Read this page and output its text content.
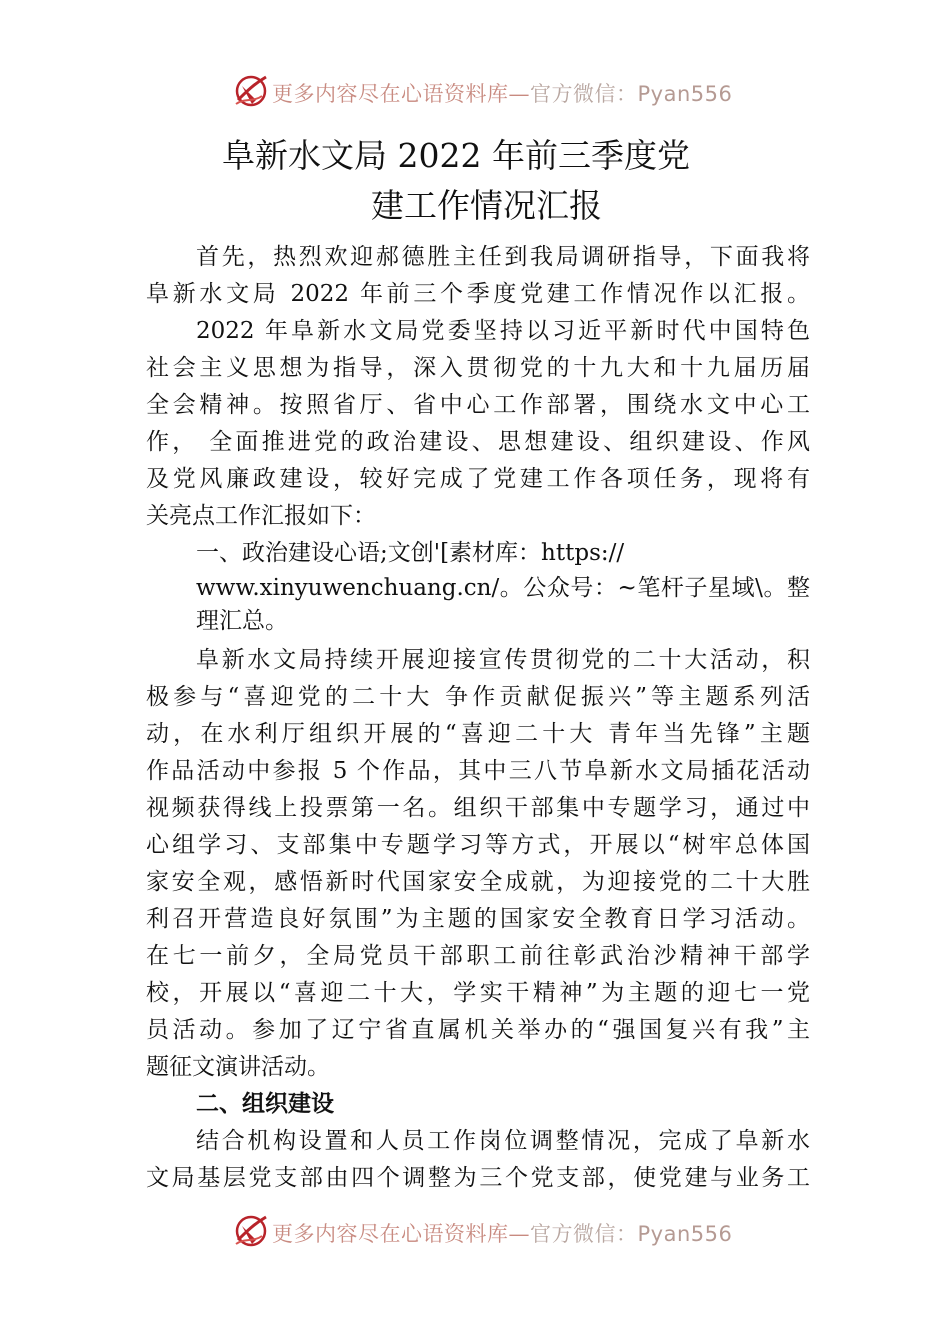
更多内容尽在心语资料库—官方微信：Pyan556
阜新水文局 2022 年前三季度党
建工作情况汇报
首先，热烈欢迎郝德胜主任到我局调研指导，下面我将
阜新水文局 2022 年前三个季度党建工作情况作以汇报。
2022 年阜新水文局党委坚持以习近平新时代中国特色
社会主义思想为指导，深入贯彻党的十九大和十九届历届
全会精神。按照省厅、省中心工作部署，围绕水文中心工
作， 全面推进党的政治建设、思想建设、组织建设、作风
及党风廉政建设，较好完成了党建工作各项任务，现将有
关亮点工作汇报如下：
一、政治建设心语;文创'[素材库：https://
www.xinyuwenchuang.cn/。公众号：~笔杆子星域\。整
理汇总。
阜新水文局持续开展迎接宣传贯彻党的二十大活动，积
极参与“喜迎党的二十大 争作贡献促振兴”等主题系列活
动，在水利厅组织开展的“喜迎二十大 青年当先锋”主题
作品活动中参报 5 个作品，其中三八节阜新水文局插花活动
视频获得线上投票第一名。组织干部集中专题学习，通过中
心组学习、支部集中专题学习等方式，开展以“树牢总体国
家安全观，感悟新时代国家安全成就，为迎接党的二十大胜
利召开营造良好氛围”为主题的国家安全教育日学习活动。
在七一前夕，全局党员干部职工前往彰武治沙精神干部学
校，开展以“喜迎二十大，学实干精神”为主题的迎七一党
员活动。参加了辽宁省直属机关举办的“强国复兴有我”主
题征文演讲活动。
二、组织建设
结合机构设置和人员工作岗位调整情况，完成了阜新水
文局基层党支部由四个调整为三个党支部，使党建与业务工
更多内容尽在心语资料库—官方微信：Pyan556
